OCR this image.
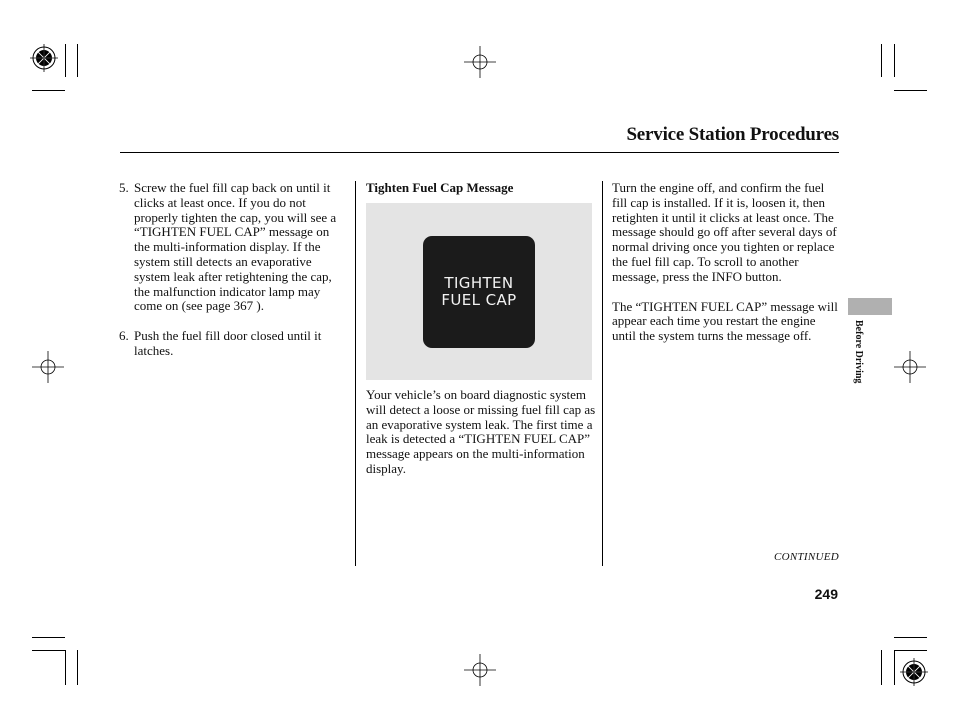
Service Station Procedures
5. Screw the fuel fill cap back on until it clicks at least once. If you do not properly tighten the cap, you will see a “TIGHTEN FUEL CAP” message on the multi-information display. If the system still detects an evaporative system leak after retightening the cap, the malfunction indicator lamp may come on (see page 367 ).
6. Push the fuel fill door closed until it latches.
Tighten Fuel Cap Message
TIGHTEN
FUEL CAP
Your vehicle’s on board diagnostic system will detect a loose or missing fuel fill cap as an evaporative system leak. The first time a leak is detected a “TIGHTEN FUEL CAP” message appears on the multi-information display.

Turn the engine off, and confirm the fuel fill cap is installed. If it is, loosen it, then retighten it until it clicks at least once. The message should go off after several days of normal driving once you tighten or replace the fuel fill cap. To scroll to another message, press the INFO button.

The “TIGHTEN FUEL CAP” message will appear each time you restart the engine until the system turns the message off.	Before Driving
CONTINUED
249
